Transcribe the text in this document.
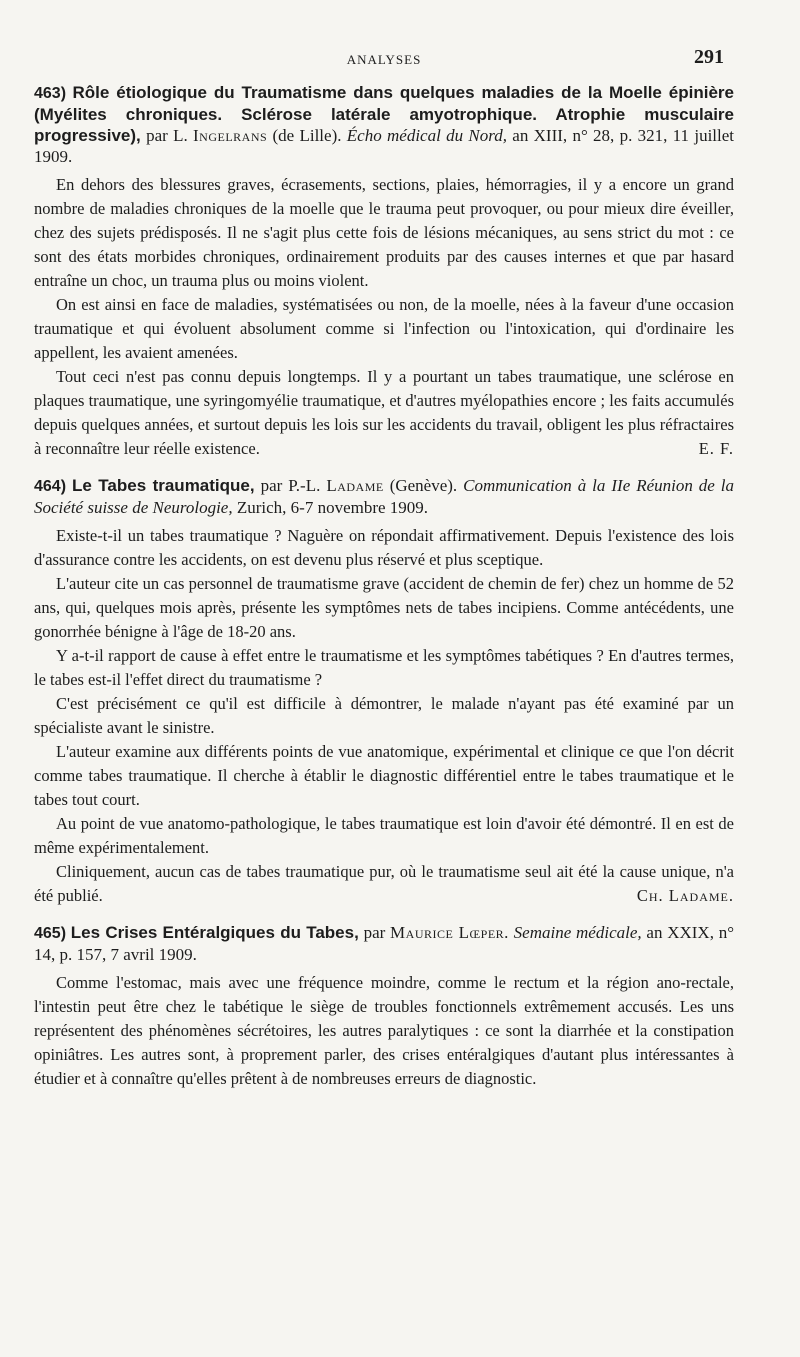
ANALYSES	291

463) Rôle étiologique du Traumatisme dans quelques maladies de la Moelle épinière (Myélites chroniques. Sclérose latérale amyotrophique. Atrophie musculaire progressive), par L. Ingelrans (de Lille). Écho médical du Nord, an XIII, n° 28, p. 321, 11 juillet 1909.

En dehors des blessures graves, écrasements, sections, plaies, hémorragies, il y a encore un grand nombre de maladies chroniques de la moelle que le trauma peut provoquer, ou pour mieux dire éveiller, chez des sujets prédisposés. Il ne s'agit plus cette fois de lésions mécaniques, au sens strict du mot : ce sont des états morbides chroniques, ordinairement produits par des causes internes et que par hasard entraîne un choc, un trauma plus ou moins violent.

On est ainsi en face de maladies, systématisées ou non, de la moelle, nées à la faveur d'une occasion traumatique et qui évoluent absolument comme si l'infection ou l'intoxication, qui d'ordinaire les appellent, les avaient amenées.

Tout ceci n'est pas connu depuis longtemps. Il y a pourtant un tabes traumatique, une sclérose en plaques traumatique, une syringomyélie traumatique, et d'autres myélopathies encore ; les faits accumulés depuis quelques années, et surtout depuis les lois sur les accidents du travail, obligent les plus réfractaires à reconnaître leur réelle existence.	E. F.

464) Le Tabes traumatique, par P.-L. Ladame (Genève). Communication à la IIe Réunion de la Société suisse de Neurologie, Zurich, 6-7 novembre 1909.

Existe-t-il un tabes traumatique ? Naguère on répondait affirmativement. Depuis l'existence des lois d'assurance contre les accidents, on est devenu plus réservé et plus sceptique.

L'auteur cite un cas personnel de traumatisme grave (accident de chemin de fer) chez un homme de 52 ans, qui, quelques mois après, présente les symptômes nets de tabes incipiens. Comme antécédents, une gonorrhée bénigne à l'âge de 18-20 ans.

Y a-t-il rapport de cause à effet entre le traumatisme et les symptômes tabétiques ? En d'autres termes, le tabes est-il l'effet direct du traumatisme ?

C'est précisément ce qu'il est difficile à démontrer, le malade n'ayant pas été examiné par un spécialiste avant le sinistre.

L'auteur examine aux différents points de vue anatomique, expérimental et clinique ce que l'on décrit comme tabes traumatique. Il cherche à établir le diagnostic différentiel entre le tabes traumatique et le tabes tout court.

Au point de vue anatomo-pathologique, le tabes traumatique est loin d'avoir été démontré. Il en est de même expérimentalement.

Cliniquement, aucun cas de tabes traumatique pur, où le traumatisme seul ait été la cause unique, n'a été publié.	Ch. Ladame.

465) Les Crises Entéralgiques du Tabes, par Maurice Lœper. Semaine médicale, an XXIX, n° 14, p. 157, 7 avril 1909.

Comme l'estomac, mais avec une fréquence moindre, comme le rectum et la région ano-rectale, l'intestin peut être chez le tabétique le siège de troubles fonctionnels extrêmement accusés. Les uns représentent des phénomènes sécrétoires, les autres paralytiques : ce sont la diarrhée et la constipation opiniâtres. Les autres sont, à proprement parler, des crises entéralgiques d'autant plus intéressantes à étudier et à connaître qu'elles prêtent à de nombreuses erreurs de diagnostic.
